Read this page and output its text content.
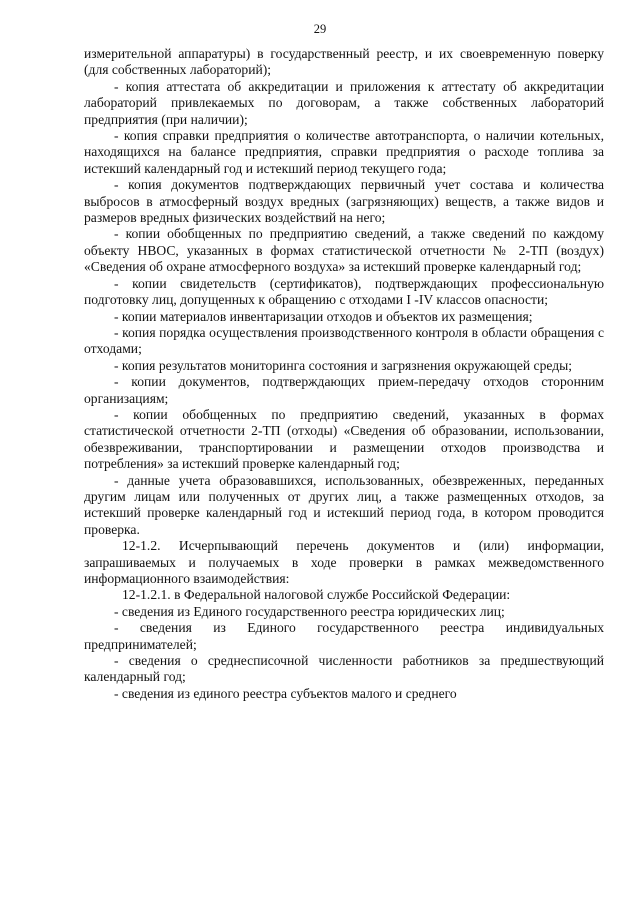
29

измерительной аппаратуры) в государственный реестр, и их своевременную поверку (для собственных лабораторий);

- копия аттестата об аккредитации и приложения к аттестату об аккредитации лабораторий привлекаемых по договорам, а также собственных лабораторий предприятия (при наличии);

- копия справки предприятия о количестве автотранспорта, о наличии котельных, находящихся на балансе предприятия, справки предприятия о расходе топлива за истекший календарный год и истекший период текущего года;

- копия документов подтверждающих первичный учет состава и количества выбросов в атмосферный воздух вредных (загрязняющих) веществ, а также видов и размеров вредных физических воздействий на него;

- копии обобщенных по предприятию сведений, а также сведений по каждому объекту НВОС, указанных в формах статистической отчетности № 2-ТП (воздух) «Сведения об охране атмосферного воздуха» за истекший проверке календарный год;

- копии свидетельств (сертификатов), подтверждающих профессиональную подготовку лиц, допущенных к обращению с отходами I -IV классов опасности;

- копии материалов инвентаризации отходов и объектов их размещения;

- копия порядка осуществления производственного контроля в области обращения с отходами;

- копия результатов мониторинга состояния и загрязнения окружающей среды;

- копии документов, подтверждающих прием-передачу отходов сторонним организациям;

- копии обобщенных по предприятию сведений, указанных в формах статистической отчетности 2-ТП (отходы) «Сведения об образовании, использовании, обезвреживании, транспортировании и размещении отходов производства и потребления» за истекший проверке календарный год;

- данные учета образовавшихся, использованных, обезвреженных, переданных другим лицам или полученных от других лиц, а также размещенных отходов, за истекший проверке календарный год и истекший период года, в котором проводится проверка.

12-1.2. Исчерпывающий перечень документов и (или) информации, запрашиваемых и получаемых в ходе проверки в рамках межведомственного информационного взаимодействия:

12-1.2.1. в Федеральной налоговой службе Российской Федерации:

- сведения из Единого государственного реестра юридических лиц;

- сведения из Единого государственного реестра индивидуальных предпринимателей;

- сведения о среднесписочной численности работников за предшествующий календарный год;

- сведения из единого реестра субъектов малого и среднего
